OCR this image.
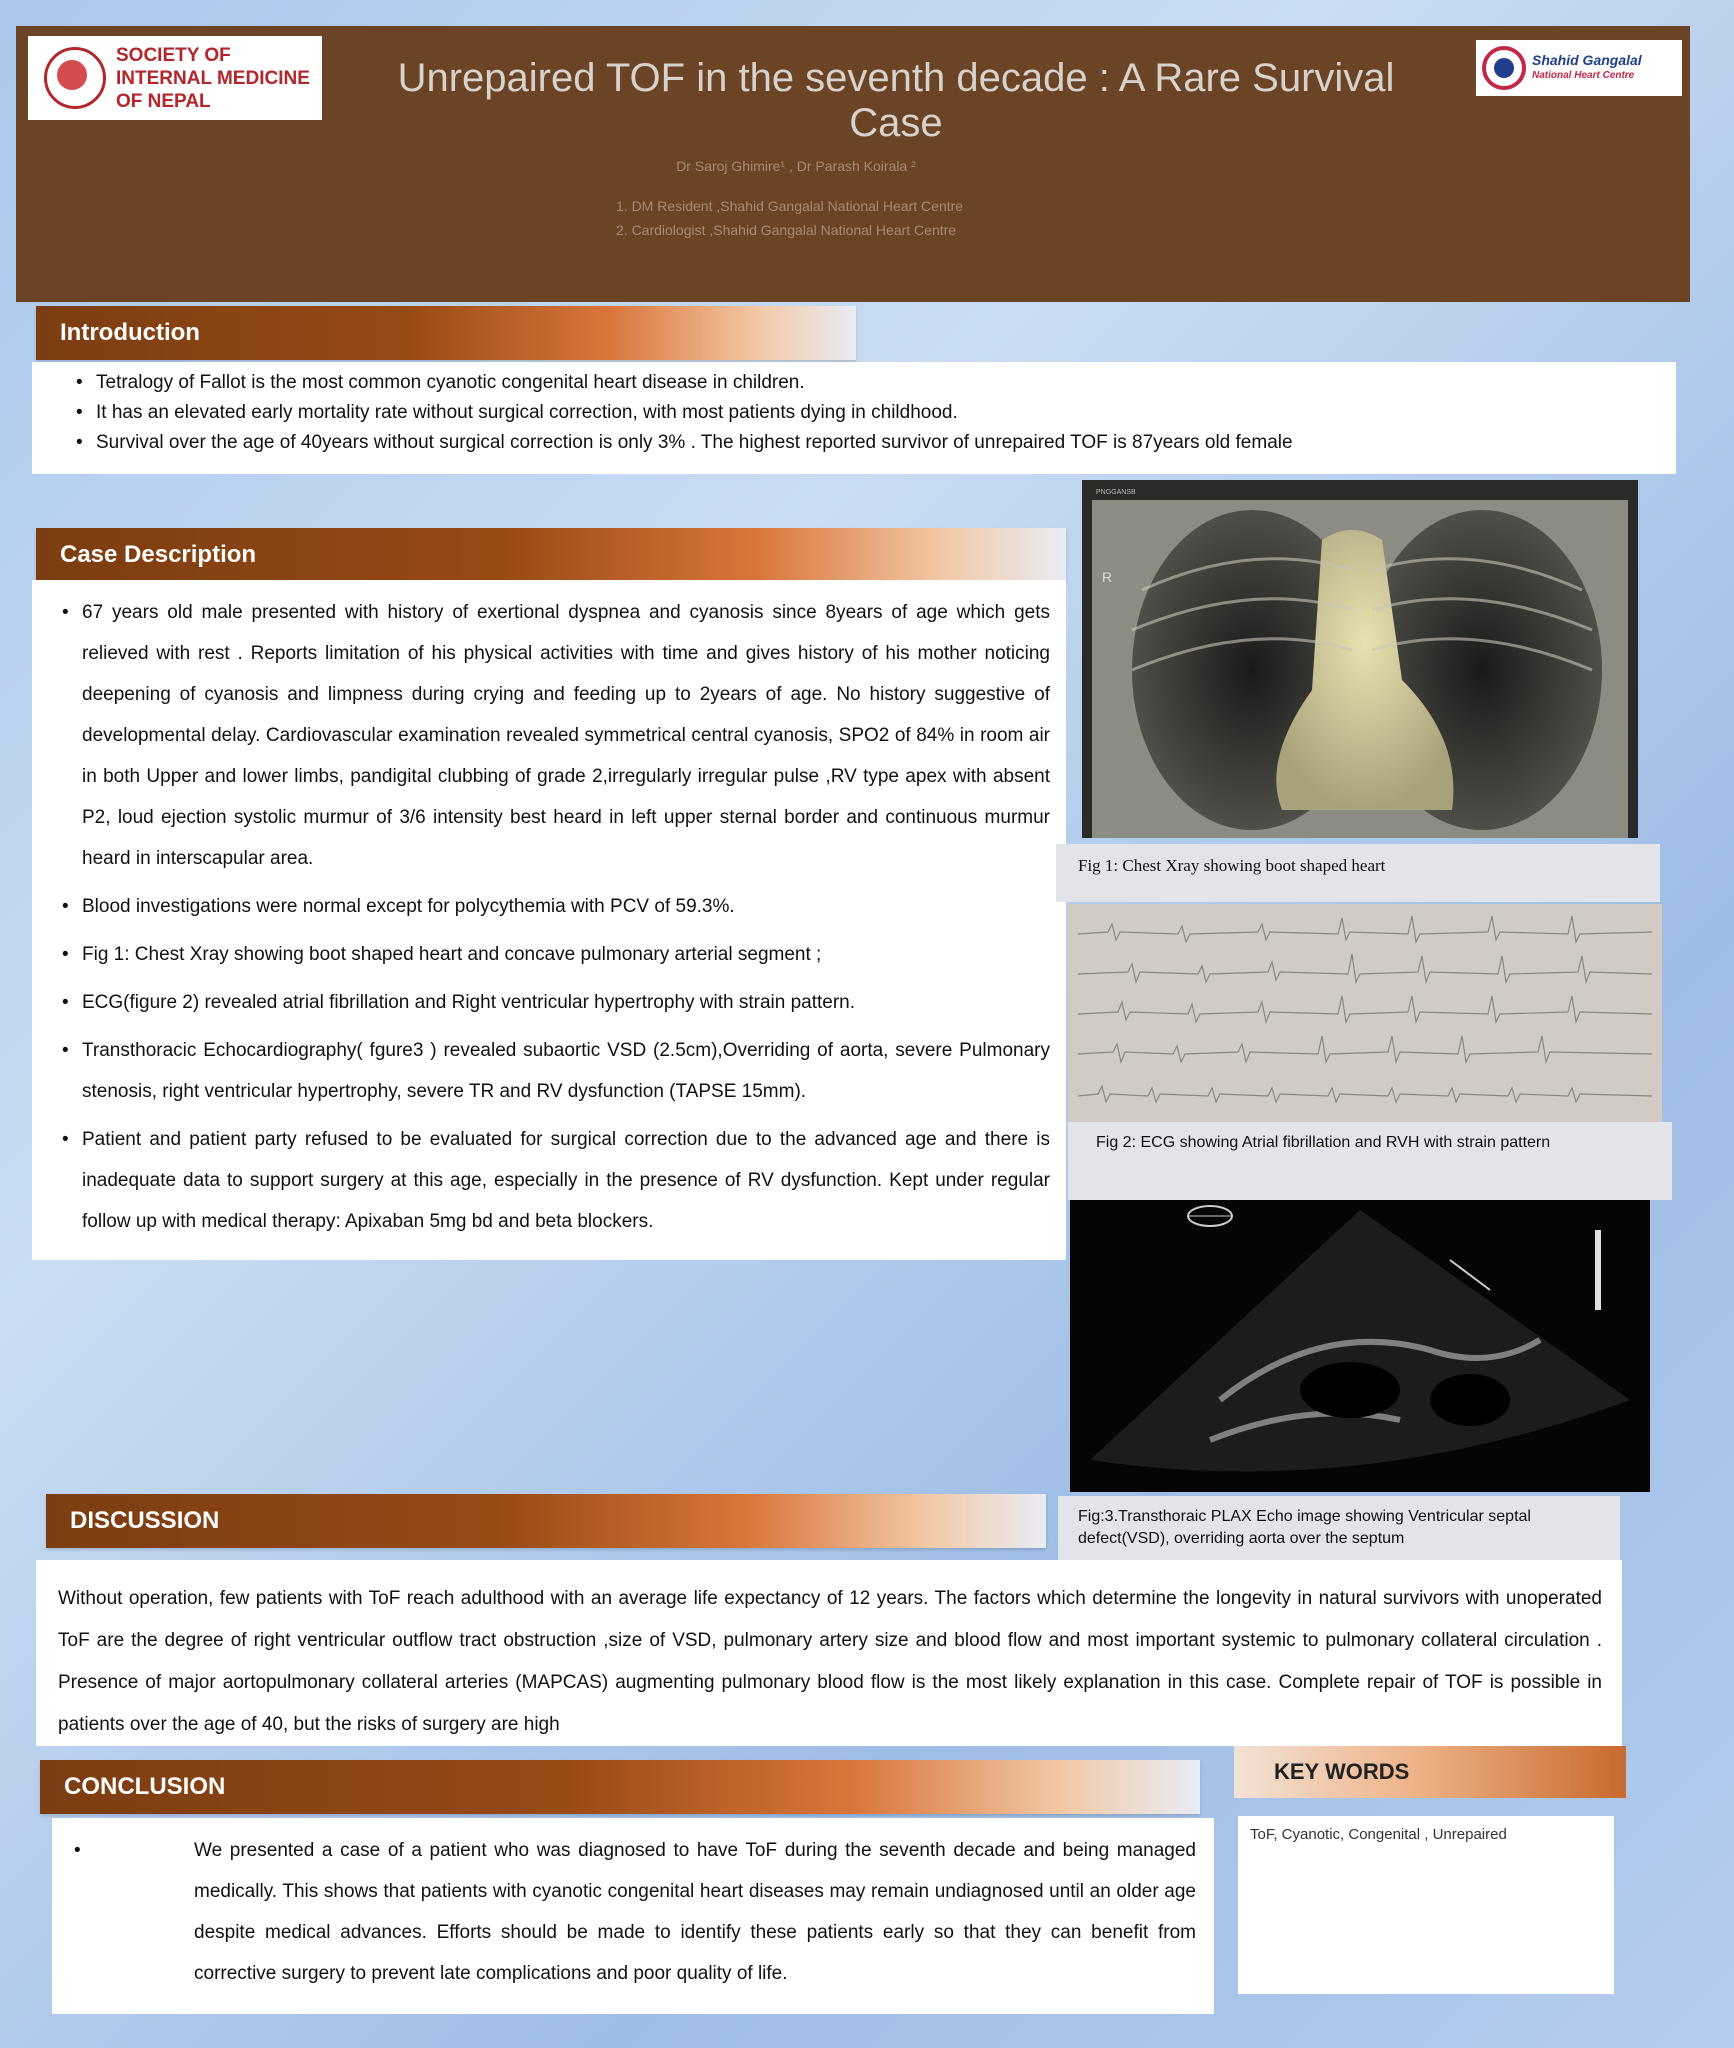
SOCIETY OF INTERNAL MEDICINE OF NEPAL
Unrepaired TOF in the seventh decade : A Rare Survival Case
Shahid Gangalal
National Heart Centre
Dr Saroj Ghimire¹ , Dr Parash Koirala ²
1. DM Resident ,Shahid Gangalal National Heart Centre
2. Cardiologist ,Shahid Gangalal National Heart Centre
Introduction
• Tetralogy of Fallot is the most common cyanotic congenital heart disease in children.
• It has an elevated early mortality rate without surgical correction, with most patients dying in childhood.
• Survival over the age of 40years without surgical correction is only 3% . The highest reported survivor of unrepaired TOF is 87years old female
Case Description
• 67 years old male presented with history of exertional dyspnea and cyanosis since 8years of age which gets relieved with rest . Reports limitation of his physical activities with time and gives history of his mother noticing deepening of cyanosis and limpness during crying and feeding up to 2years of age. No history suggestive of developmental delay. Cardiovascular examination revealed symmetrical central cyanosis, SPO2 of 84% in room air in both Upper and lower limbs, pandigital clubbing of grade 2,irregularly irregular pulse ,RV type apex with absent P2, loud ejection systolic murmur of 3/6 intensity best heard in left upper sternal border and continuous murmur heard in interscapular area.
• Blood investigations were normal except for polycythemia with PCV of 59.3%.
• Fig 1: Chest Xray showing boot shaped heart and concave pulmonary arterial segment ;
• ECG(figure 2) revealed atrial fibrillation and Right ventricular hypertrophy with strain pattern.
• Transthoracic Echocardiography( fgure3 ) revealed subaortic VSD (2.5cm),Overriding of aorta, severe Pulmonary stenosis, right ventricular hypertrophy, severe TR and RV dysfunction (TAPSE 15mm).
• Patient and patient party refused to be evaluated for surgical correction due to the advanced age and there is inadequate data to support surgery at this age, especially in the presence of RV dysfunction. Kept under regular follow up with medical therapy: Apixaban 5mg bd and beta blockers.
PNGGANSB
R
Fig 1: Chest Xray showing boot shaped heart
Fig 2: ECG showing Atrial fibrillation and RVH with strain pattern
Fig:3.Transthoraic PLAX Echo image showing Ventricular septal defect(VSD), overriding aorta over the septum
DISCUSSION
Without operation, few patients with ToF reach adulthood with an average life expectancy of 12 years. The factors which determine the longevity in natural survivors with unoperated ToF are the degree of right ventricular outflow tract obstruction ,size of VSD, pulmonary artery size and blood flow and most important systemic to pulmonary collateral circulation . Presence of major aortopulmonary collateral arteries (MAPCAS) augmenting pulmonary blood flow is the most likely explanation in this case. Complete repair of TOF is possible in patients over the age of 40, but the risks of surgery are high
CONCLUSION
•	We presented a case of a patient who was diagnosed to have ToF during the seventh decade and being managed medically. This shows that patients with cyanotic congenital heart diseases may remain undiagnosed until an older age despite medical advances. Efforts should be made to identify these patients early so that they can benefit from corrective surgery to prevent late complications and poor quality of life.
KEY WORDS
ToF, Cyanotic, Congenital , Unrepaired
